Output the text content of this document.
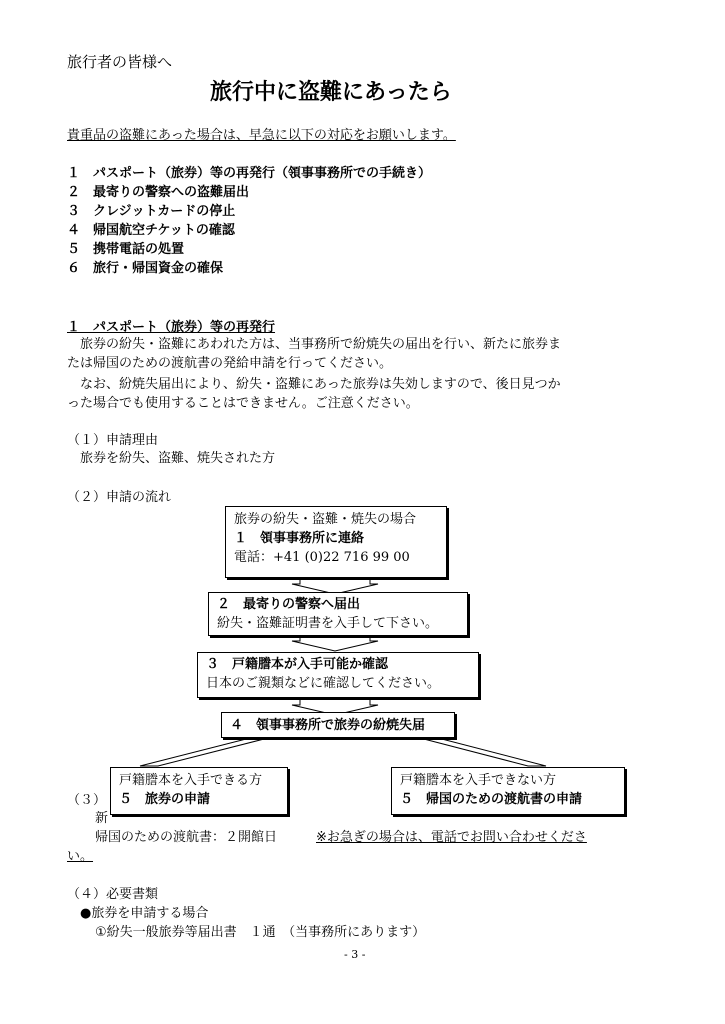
旅行者の皆様へ
旅行中に盗難にあったら
貴重品の盗難にあった場合は、早急に以下の対応をお願いします。
１　パスポート（旅券）等の再発行（領事事務所での手続き）
２　最寄りの警察への盗難届出
３　クレジットカードの停止
４　帰国航空チケットの確認
５　携帯電話の処置
６　旅行・帰国資金の確保
１　パスポート（旅券）等の再発行
　旅券の紛失・盗難にあわれた方は、当事務所で紛焼失の届出を行い、新たに旅券ま
たは帰国のための渡航書の発給申請を行ってください。
　なお、紛焼失届出により、紛失・盗難にあった旅券は失効しますので、後日見つか
った場合でも使用することはできません。ご注意ください。
（１）申請理由
　旅券を紛失、盗難、焼失された方
（２）申請の流れ
旅券の紛失・盗難・焼失の場合
１　領事事務所に連絡
電話：+41 (0)22 716 99 00
２　最寄りの警察へ届出
紛失・盗難証明書を入手して下さい。
３　戸籍謄本が入手可能か確認
日本のご親類などに確認してください。
４　領事事務所で旅券の紛焼失届
戸籍謄本を入手できる方
５　旅券の申請
戸籍謄本を入手できない方
５　帰国のための渡航書の申請
（３）
新
帰国のための渡航書：２開館日	※お急ぎの場合は、電話でお問い合わせくださ
い。
（４）必要書類
●旅券を申請する場合
①紛失一般旅券等届出書　１通　（当事務所にあります）
- 3 -
